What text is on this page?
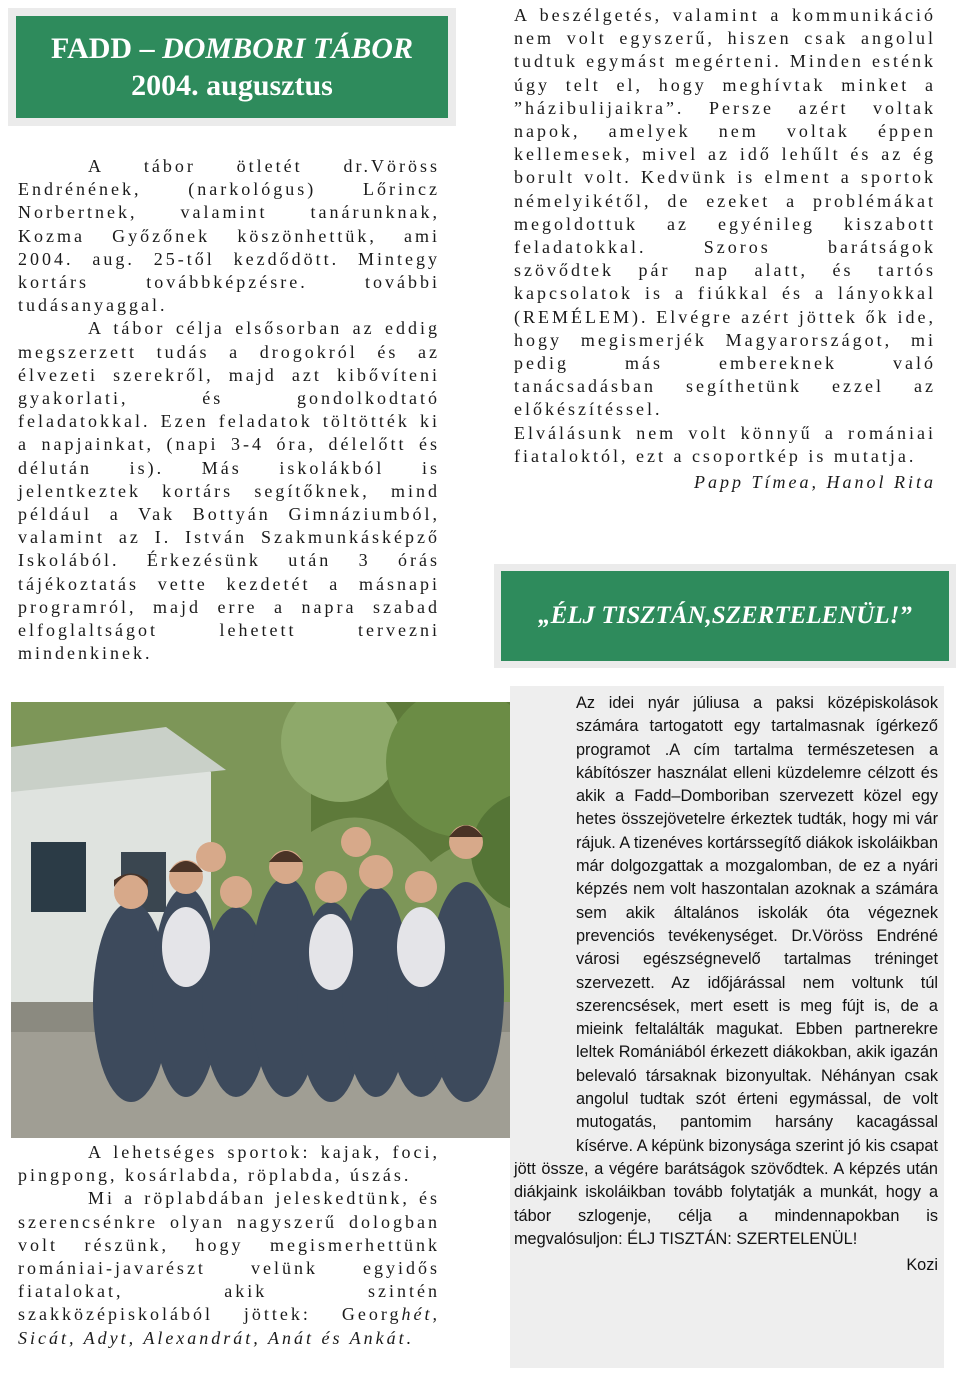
FADD – DOMBORI TÁBOR
2004. augusztus

A tábor ötletét dr.Vöröss Endrénének, (narkológus) Lőrincz Norbertnek, valamint tanárunknak, Kozma Győzőnek köszönhettük, ami 2004. aug. 25-től kezdődött. Mintegy kortárs továbbképzésre. további tudásanyaggal.

A tábor célja elsősorban az eddig megszerzett tudás a drogokról és az élvezeti szerekről, majd azt kibővíteni gyakorlati, és gondolkodtató feladatokkal. Ezen feladatok töltötték ki a napjainkat, (napi 3-4 óra, délelőtt és délután is). Más iskolákból is jelentkeztek kortárs segítőknek, mind például a Vak Bottyán Gimnáziumból, valamint az I. István Szakmunkásképző Iskolából. Érkezésünk után 3 órás tájékoztatás vette kezdetét a másnapi programról, majd erre a napra szabad elfoglaltságot lehetett tervezni mindenkinek.

A beszélgetés, valamint a kommunikáció nem volt egyszerű, hiszen csak angolul tudtuk egymást megérteni. Minden esténk úgy telt el, hogy meghívtak minket a ”házibulijaikra”. Persze azért voltak napok, amelyek nem voltak éppen kellemesek, mivel az idő lehűlt és az ég borult volt. Kedvünk is elment a sportok némelyikétől, de ezeket a problémákat megoldottuk az egyénileg kiszabott feladatokkal. Szoros barátságok szövődtek pár nap alatt, és tartós kapcsolatok is a fiúkkal és a lányokkal (REMÉLEM). Elvégre azért jöttek ők ide, hogy megismerjék Magyarországot, mi pedig más embereknek való tanácsadásban segíthetünk ezzel az előkészítéssel.

Elválásunk nem volt könnyű a romániai fiataloktól, ezt a csoportkép is mutatja.

Papp Tímea, Hanol Rita
„ÉLJ TISZTÁN,SZERTELENÜL!”

A lehetséges sportok: kajak, foci, pingpong, kosárlabda, röplabda, úszás.

Mi a röplabdában jeleskedtünk, és szerencsénkre olyan nagyszerű dologban volt részünk, hogy megismerhettünk romániai-javarészt velünk egyidős fiatalokat, akik szintén szakközépiskolából jöttek: Georghét, Sicát, Adyt, Alexandrát, Anát és Ankát.

Az idei nyár júliusa a paksi középiskolások számára tartogatott egy tartalmasnak ígérkező programot .A cím tartalma természetesen a kábítószer használat elleni küzdelemre célzott és akik a Fadd–Domboriban szervezett közel egy hetes összejövetelre érkeztek tudták, hogy mi vár rájuk. A tizenéves kortárssegítő diákok iskoláikban már dolgozgattak a mozgalomban, de ez a nyári képzés nem volt haszontalan azoknak a számára sem akik általános iskolák óta végeznek prevenciós tevékenységet. Dr.Vöröss Endréné városi egészségnevelő tartalmas tréninget szervezett. Az időjárással nem voltunk túl szerencsések, mert esett is meg fújt is, de a mieink feltalálták magukat. Ebben partnerekre leltek Romániából érkezett diákokban, akik igazán belevaló társaknak bizonyultak. Néhányan csak angolul tudtak szót érteni egymással, de volt mutogatás, pantomim harsány kacagással kísérve. A képünk bizonysága szerint jó kis csapat jött össze, a végére barátságok szövődtek. A képzés után diákjaink iskoláikban tovább folytatják a munkát, hogy a tábor szlogenje, célja a mindennapokban is megvalósuljon: ÉLJ TISZTÁN: SZERTELENÜL!

Kozi
